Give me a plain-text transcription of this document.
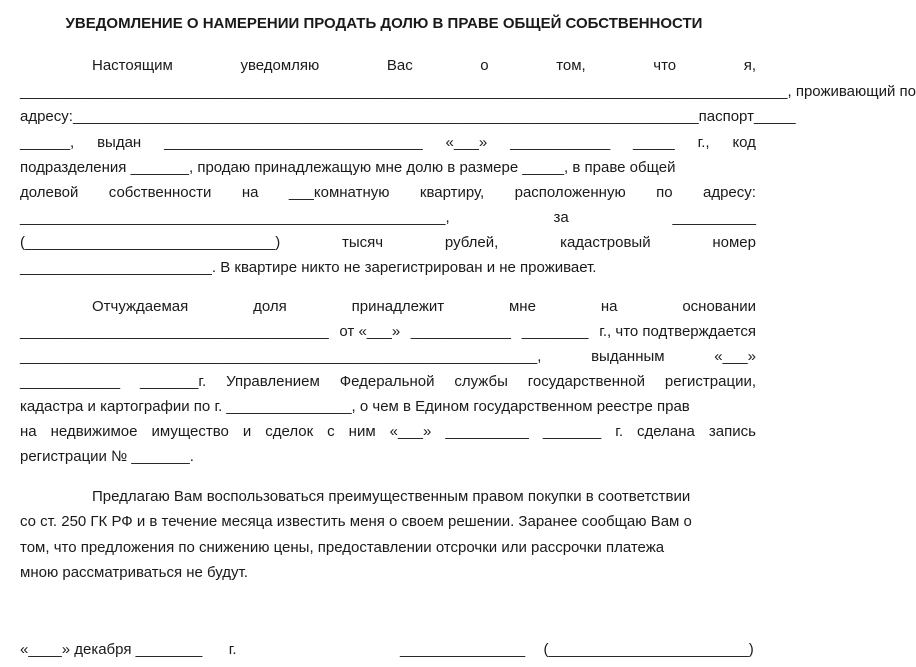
УВЕДОМЛЕНИЕ О НАМЕРЕНИИ ПРОДАТЬ ДОЛЮ В ПРАВЕ ОБЩЕЙ СОБСТВЕННОСТИ
Настоящим	уведомляю	Вас	о	том,	что	я,
____________________________________________________________________________________________, проживающий по
адресу: ___________________________________________________________________________ паспорт _____
______, выдан _______________________________ «___» ____________ _____ г., код
подразделения _______, продаю принадлежащую мне долю в размере _____, в праве общей
долевой собственности на ___комнатную квартиру, расположенную по адресу:
___________________________________________________,	за	__________
(______________________________)	тысяч	рублей,	кадастровый	номер
_______________________. В квартире никто не зарегистрирован и не проживает.
Отчуждаемая	доля	принадлежит	мне	на	основании
_____________________________________ от «___» ____________ ________ г., что подтверждается
______________________________________________________________,	выданным	«___»
____________ _______г. Управлением Федеральной службы государственной регистрации,
кадастра и картографии по г. _______________, о чем в Едином государственном реестре прав
на недвижимое имущество и сделок с ним «___» __________ _______ г. сделана запись
регистрации № _______.
Предлагаю Вам воспользоваться преимущественным правом покупки в соответствии
со ст. 250 ГК РФ и в течение месяца известить меня о своем решении. Заранее сообщаю Вам о
том, что предложения по снижению цены, предоставлении отсрочки или рассрочки платежа
мною рассматриваться не будут.
«____» декабря ________ г.	_______________ (________________________)
